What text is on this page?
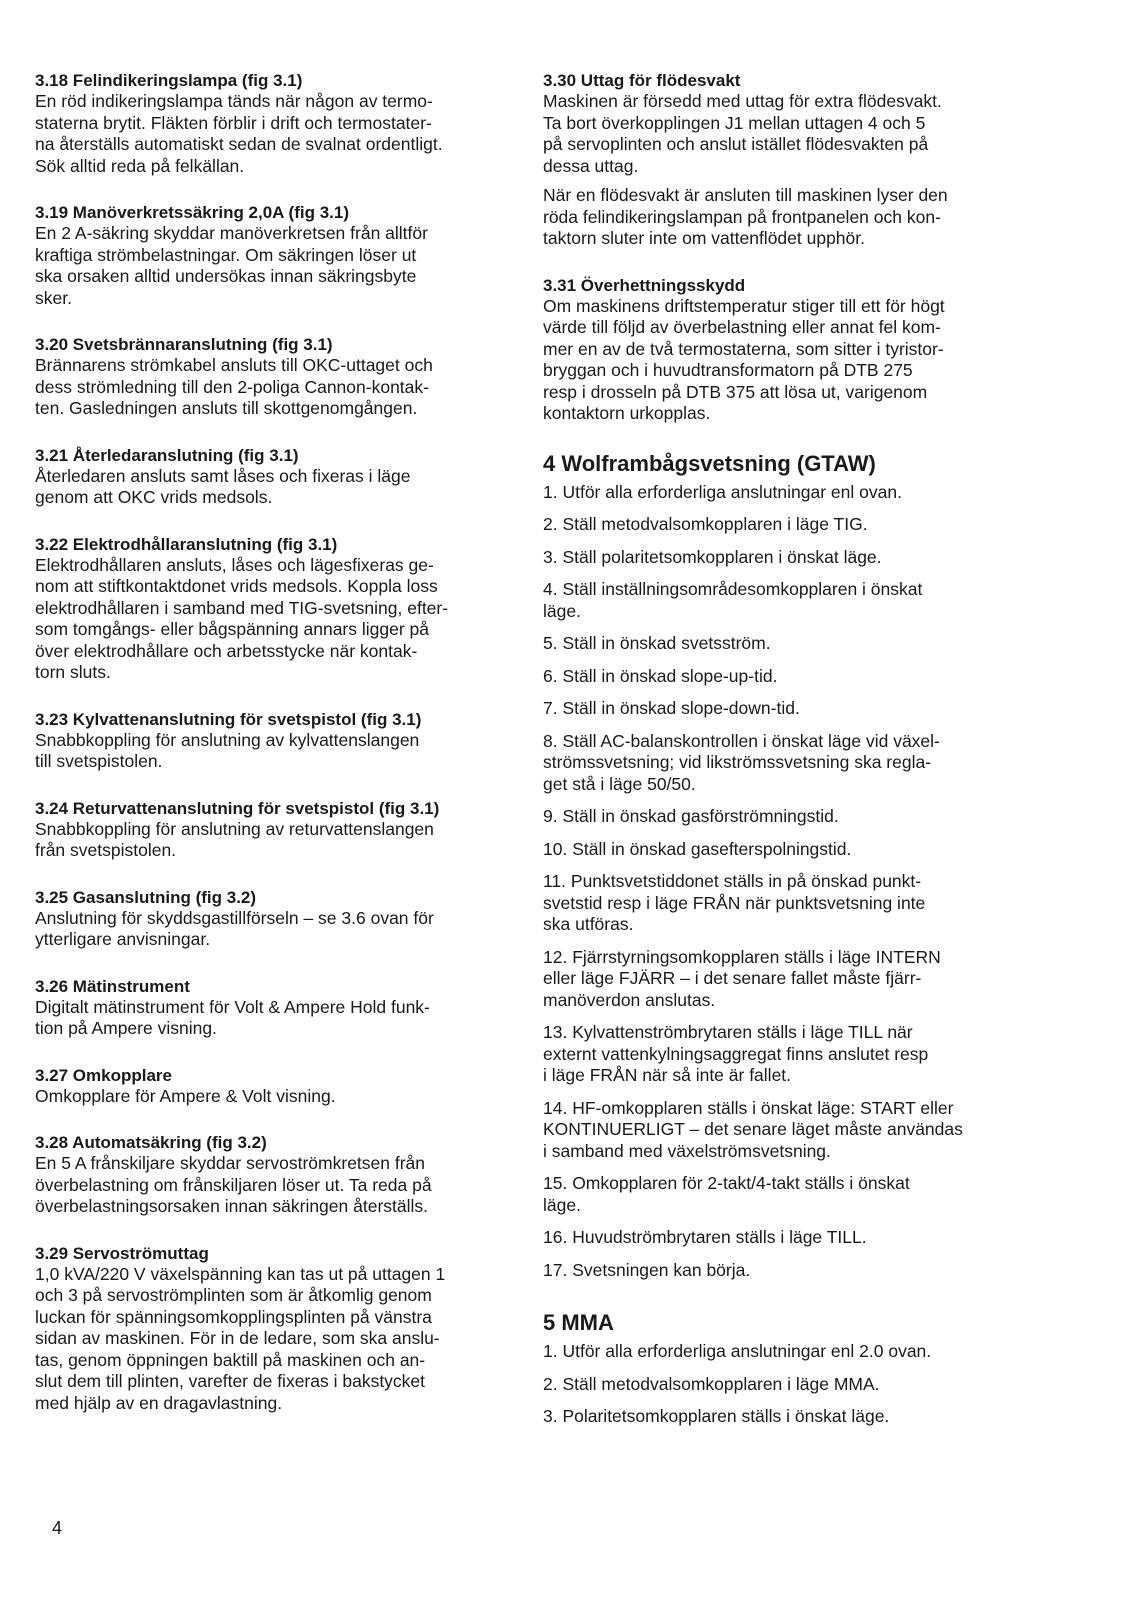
3.18 Felindikeringslampa (fig 3.1)
En röd indikeringslampa tänds när någon av termo-
staterna brytit. Fläkten förblir i drift och termostater-
na återställs automatiskt sedan de svalnat ordentligt.
Sök alltid reda på felkällan.
3.19 Manöverkretssäkring 2,0A (fig 3.1)
En 2 A-säkring skyddar manöverkretsen från alltför
kraftiga strömbelastningar. Om säkringen löser ut
ska orsaken alltid undersökas innan säkringsbyte
sker.
3.20 Svetsbrännaranslutning (fig 3.1)
Brännarens strömkabel ansluts till OKC-uttaget och
dess strömledning till den 2-poliga Cannon-kontak-
ten. Gasledningen ansluts till skottgenomgången.
3.21 Återledaranslutning (fig 3.1)
Återledaren ansluts samt låses och fixeras i läge
genom att OKC vrids medsols.
3.22 Elektrodhållaranslutning (fig 3.1)
Elektrodhållaren ansluts, låses och lägesfixeras ge-
nom att stiftkontaktdonet vrids medsols. Koppla loss
elektrodhållaren i samband med TIG-svetsning, efter-
som tomgångs- eller bågspänning annars ligger på
över elektrodhållare och arbetsstycke när kontak-
torn sluts.
3.23 Kylvattenanslutning för svetspistol (fig 3.1)
Snabbkoppling för anslutning av kylvattenslangen
till svetspistolen.
3.24 Returvattenanslutning för svetspistol (fig 3.1)
Snabbkoppling för anslutning av returvattenslangen
från svetspistolen.
3.25 Gasanslutning (fig 3.2)
Anslutning för skyddsgastillförseln – se 3.6 ovan för
ytterligare anvisningar.
3.26 Mätinstrument
Digitalt mätinstrument för Volt & Ampere Hold funk-
tion på Ampere visning.
3.27 Omkopplare
Omkopplare för Ampere & Volt visning.
3.28 Automatsäkring (fig 3.2)
En 5 A frånskiljare skyddar servoströmkretsen från
överbelastning om frånskiljaren löser ut. Ta reda på
överbelastningsorsaken innan säkringen återställs.
3.29 Servoströmuttag
1,0 kVA/220 V växelspänning kan tas ut på uttagen 1
och 3 på servoströmplinten som är åtkomlig genom
luckan för spänningsomkopplingsplinten på vänstra
sidan av maskinen. För in de ledare, som ska anslu-
tas, genom öppningen baktill på maskinen och an-
slut dem till plinten, varefter de fixeras i bakstycket
med hjälp av en dragavlastning.
3.30 Uttag för flödesvakt
Maskinen är försedd med uttag för extra flödesvakt.
Ta bort överkopplingen J1 mellan uttagen 4 och 5
på servoplinten och anslut istället flödesvakten på
dessa uttag.
När en flödesvakt är ansluten till maskinen lyser den
röda felindikeringslampan på frontpanelen och kon-
taktorn sluter inte om vattenflödet upphör.
3.31 Överhettningsskydd
Om maskinens driftstemperatur stiger till ett för högt
värde till följd av överbelastning eller annat fel kom-
mer en av de två termostaterna, som sitter i tyristor-
bryggan och i huvudtransformatorn på DTB 275
resp i drosseln på DTB 375 att lösa ut, varigenom
kontaktorn urkopplas.
4 Wolframbågsvetsning (GTAW)
1. Utför alla erforderliga anslutningar enl ovan.
2. Ställ metodvalsomkopplaren i läge TIG.
3. Ställ polaritetsomkopplaren i önskat läge.
4. Ställ inställningsområdesomkopplaren i önskat
läge.
5. Ställ in önskad svetsström.
6. Ställ in önskad slope-up-tid.
7. Ställ in önskad slope-down-tid.
8. Ställ AC-balanskontrollen i önskat läge vid växel-
strömssvetsning; vid likströmssvetsning ska regla-
get stå i läge 50/50.
9. Ställ in önskad gasförströmningstid.
10. Ställ in önskad gasefterspolningstid.
11. Punktsvetstiddonet ställs in på önskad punkt-
svetstid resp i läge FRÅN när punktsvetsning inte
ska utföras.
12. Fjärrstyrningsomkopplaren ställs i läge INTERN
eller läge FJÄRR – i det senare fallet måste fjärr-
manöverdon anslutas.
13. Kylvattenströmbrytaren ställs i läge TILL när
externt vattenkylningsaggregat finns anslutet resp
i läge FRÅN när så inte är fallet.
14. HF-omkopplaren ställs i önskat läge: START eller
KONTINUERLIGT – det senare läget måste användas
i samband med växelströmsvetsning.
15. Omkopplaren för 2-takt/4-takt ställs i önskat
läge.
16. Huvudströmbrytaren ställs i läge TILL.
17. Svetsningen kan börja.
5 MMA
1. Utför alla erforderliga anslutningar enl 2.0 ovan.
2. Ställ metodvalsomkopplaren i läge MMA.
3. Polaritetsomkopplaren ställs i önskat läge.
4
